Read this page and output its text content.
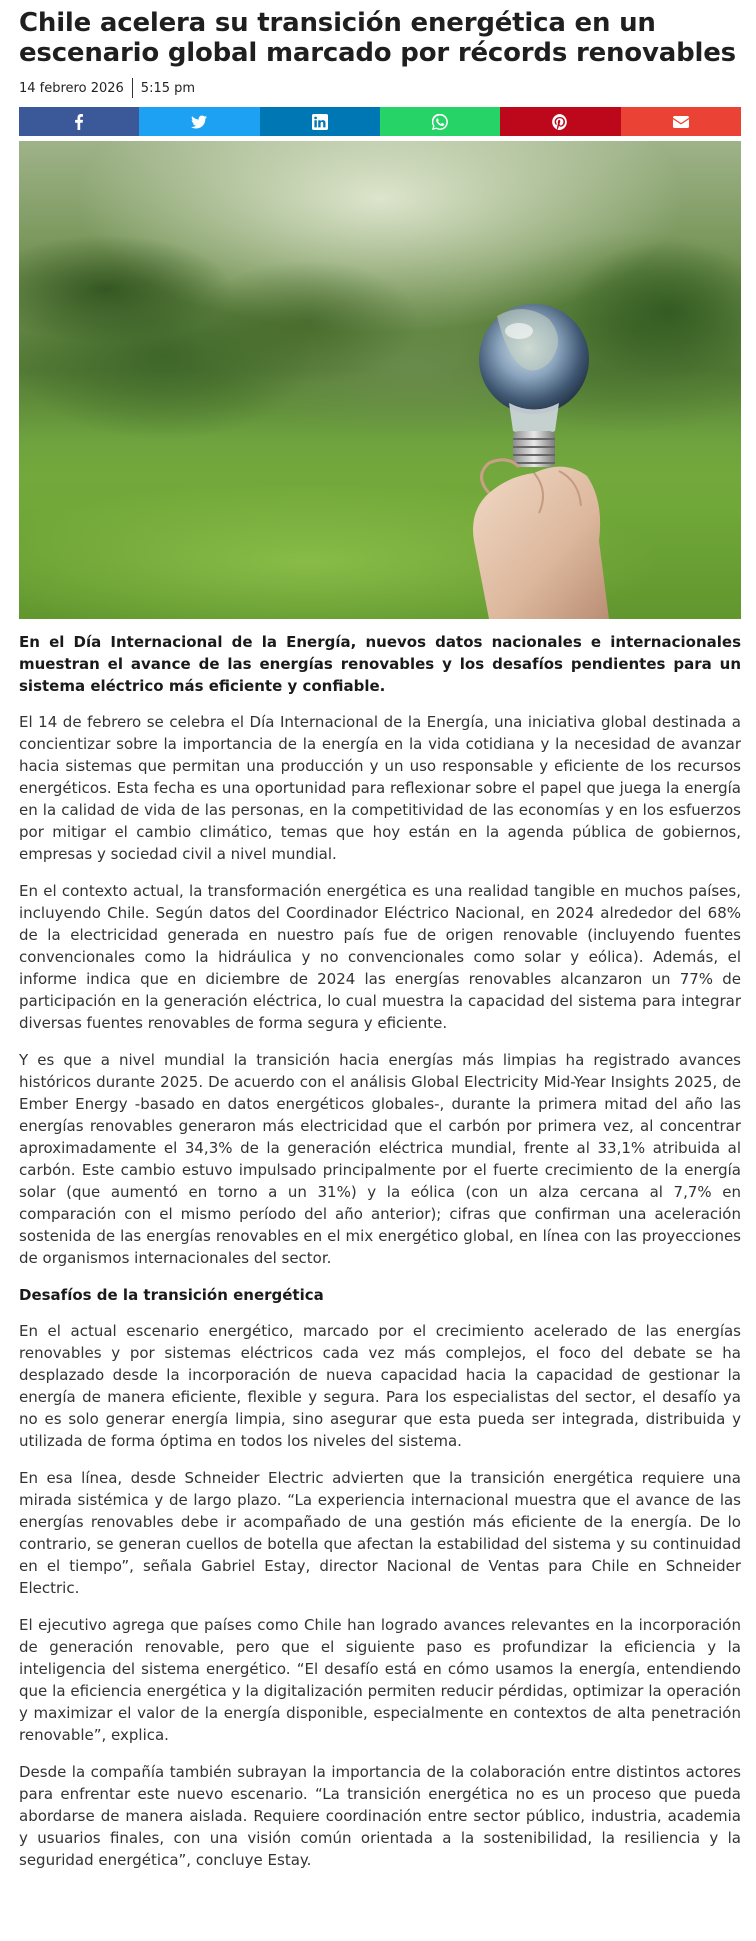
Chile acelera su transición energética en un escenario global marcado por récords renovables
14 febrero 2026 5:15 pm
En el Día Internacional de la Energía, nuevos datos nacionales e internacionales muestran el avance de las energías renovables y los desafíos pendientes para un sistema eléctrico más eficiente y confiable.

El 14 de febrero se celebra el Día Internacional de la Energía, una iniciativa global destinada a concientizar sobre la importancia de la energía en la vida cotidiana y la necesidad de avanzar hacia sistemas que permitan una producción y un uso responsable y eficiente de los recursos energéticos. Esta fecha es una oportunidad para reflexionar sobre el papel que juega la energía en la calidad de vida de las personas, en la competitividad de las economías y en los esfuerzos por mitigar el cambio climático, temas que hoy están en la agenda pública de gobiernos, empresas y sociedad civil a nivel mundial.

En el contexto actual, la transformación energética es una realidad tangible en muchos países, incluyendo Chile. Según datos del Coordinador Eléctrico Nacional, en 2024 alrededor del 68% de la electricidad generada en nuestro país fue de origen renovable (incluyendo fuentes convencionales como la hidráulica y no convencionales como solar y eólica). Además, el informe indica que en diciembre de 2024 las energías renovables alcanzaron un 77% de participación en la generación eléctrica, lo cual muestra la capacidad del sistema para integrar diversas fuentes renovables de forma segura y eficiente.

Y es que a nivel mundial la transición hacia energías más limpias ha registrado avances históricos durante 2025. De acuerdo con el análisis Global Electricity Mid-Year Insights 2025, de Ember Energy -basado en datos energéticos globales-, durante la primera mitad del año las energías renovables generaron más electricidad que el carbón por primera vez, al concentrar aproximadamente el 34,3% de la generación eléctrica mundial, frente al 33,1% atribuida al carbón. Este cambio estuvo impulsado principalmente por el fuerte crecimiento de la energía solar (que aumentó en torno a un 31%) y la eólica (con un alza cercana al 7,7% en comparación con el mismo período del año anterior); cifras que confirman una aceleración sostenida de las energías renovables en el mix energético global, en línea con las proyecciones de organismos internacionales del sector.

Desafíos de la transición energética

En el actual escenario energético, marcado por el crecimiento acelerado de las energías renovables y por sistemas eléctricos cada vez más complejos, el foco del debate se ha desplazado desde la incorporación de nueva capacidad hacia la capacidad de gestionar la energía de manera eficiente, flexible y segura. Para los especialistas del sector, el desafío ya no es solo generar energía limpia, sino asegurar que esta pueda ser integrada, distribuida y utilizada de forma óptima en todos los niveles del sistema.

En esa línea, desde Schneider Electric advierten que la transición energética requiere una mirada sistémica y de largo plazo. “La experiencia internacional muestra que el avance de las energías renovables debe ir acompañado de una gestión más eficiente de la energía. De lo contrario, se generan cuellos de botella que afectan la estabilidad del sistema y su continuidad en el tiempo”, señala Gabriel Estay, director Nacional de Ventas para Chile en Schneider Electric.

El ejecutivo agrega que países como Chile han logrado avances relevantes en la incorporación de generación renovable, pero que el siguiente paso es profundizar la eficiencia y la inteligencia del sistema energético. “El desafío está en cómo usamos la energía, entendiendo que la eficiencia energética y la digitalización permiten reducir pérdidas, optimizar la operación y maximizar el valor de la energía disponible, especialmente en contextos de alta penetración renovable”, explica.

Desde la compañía también subrayan la importancia de la colaboración entre distintos actores para enfrentar este nuevo escenario. “La transición energética no es un proceso que pueda abordarse de manera aislada. Requiere coordinación entre sector público, industria, academia y usuarios finales, con una visión común orientada a la sostenibilidad, la resiliencia y la seguridad energética”, concluye Estay.
